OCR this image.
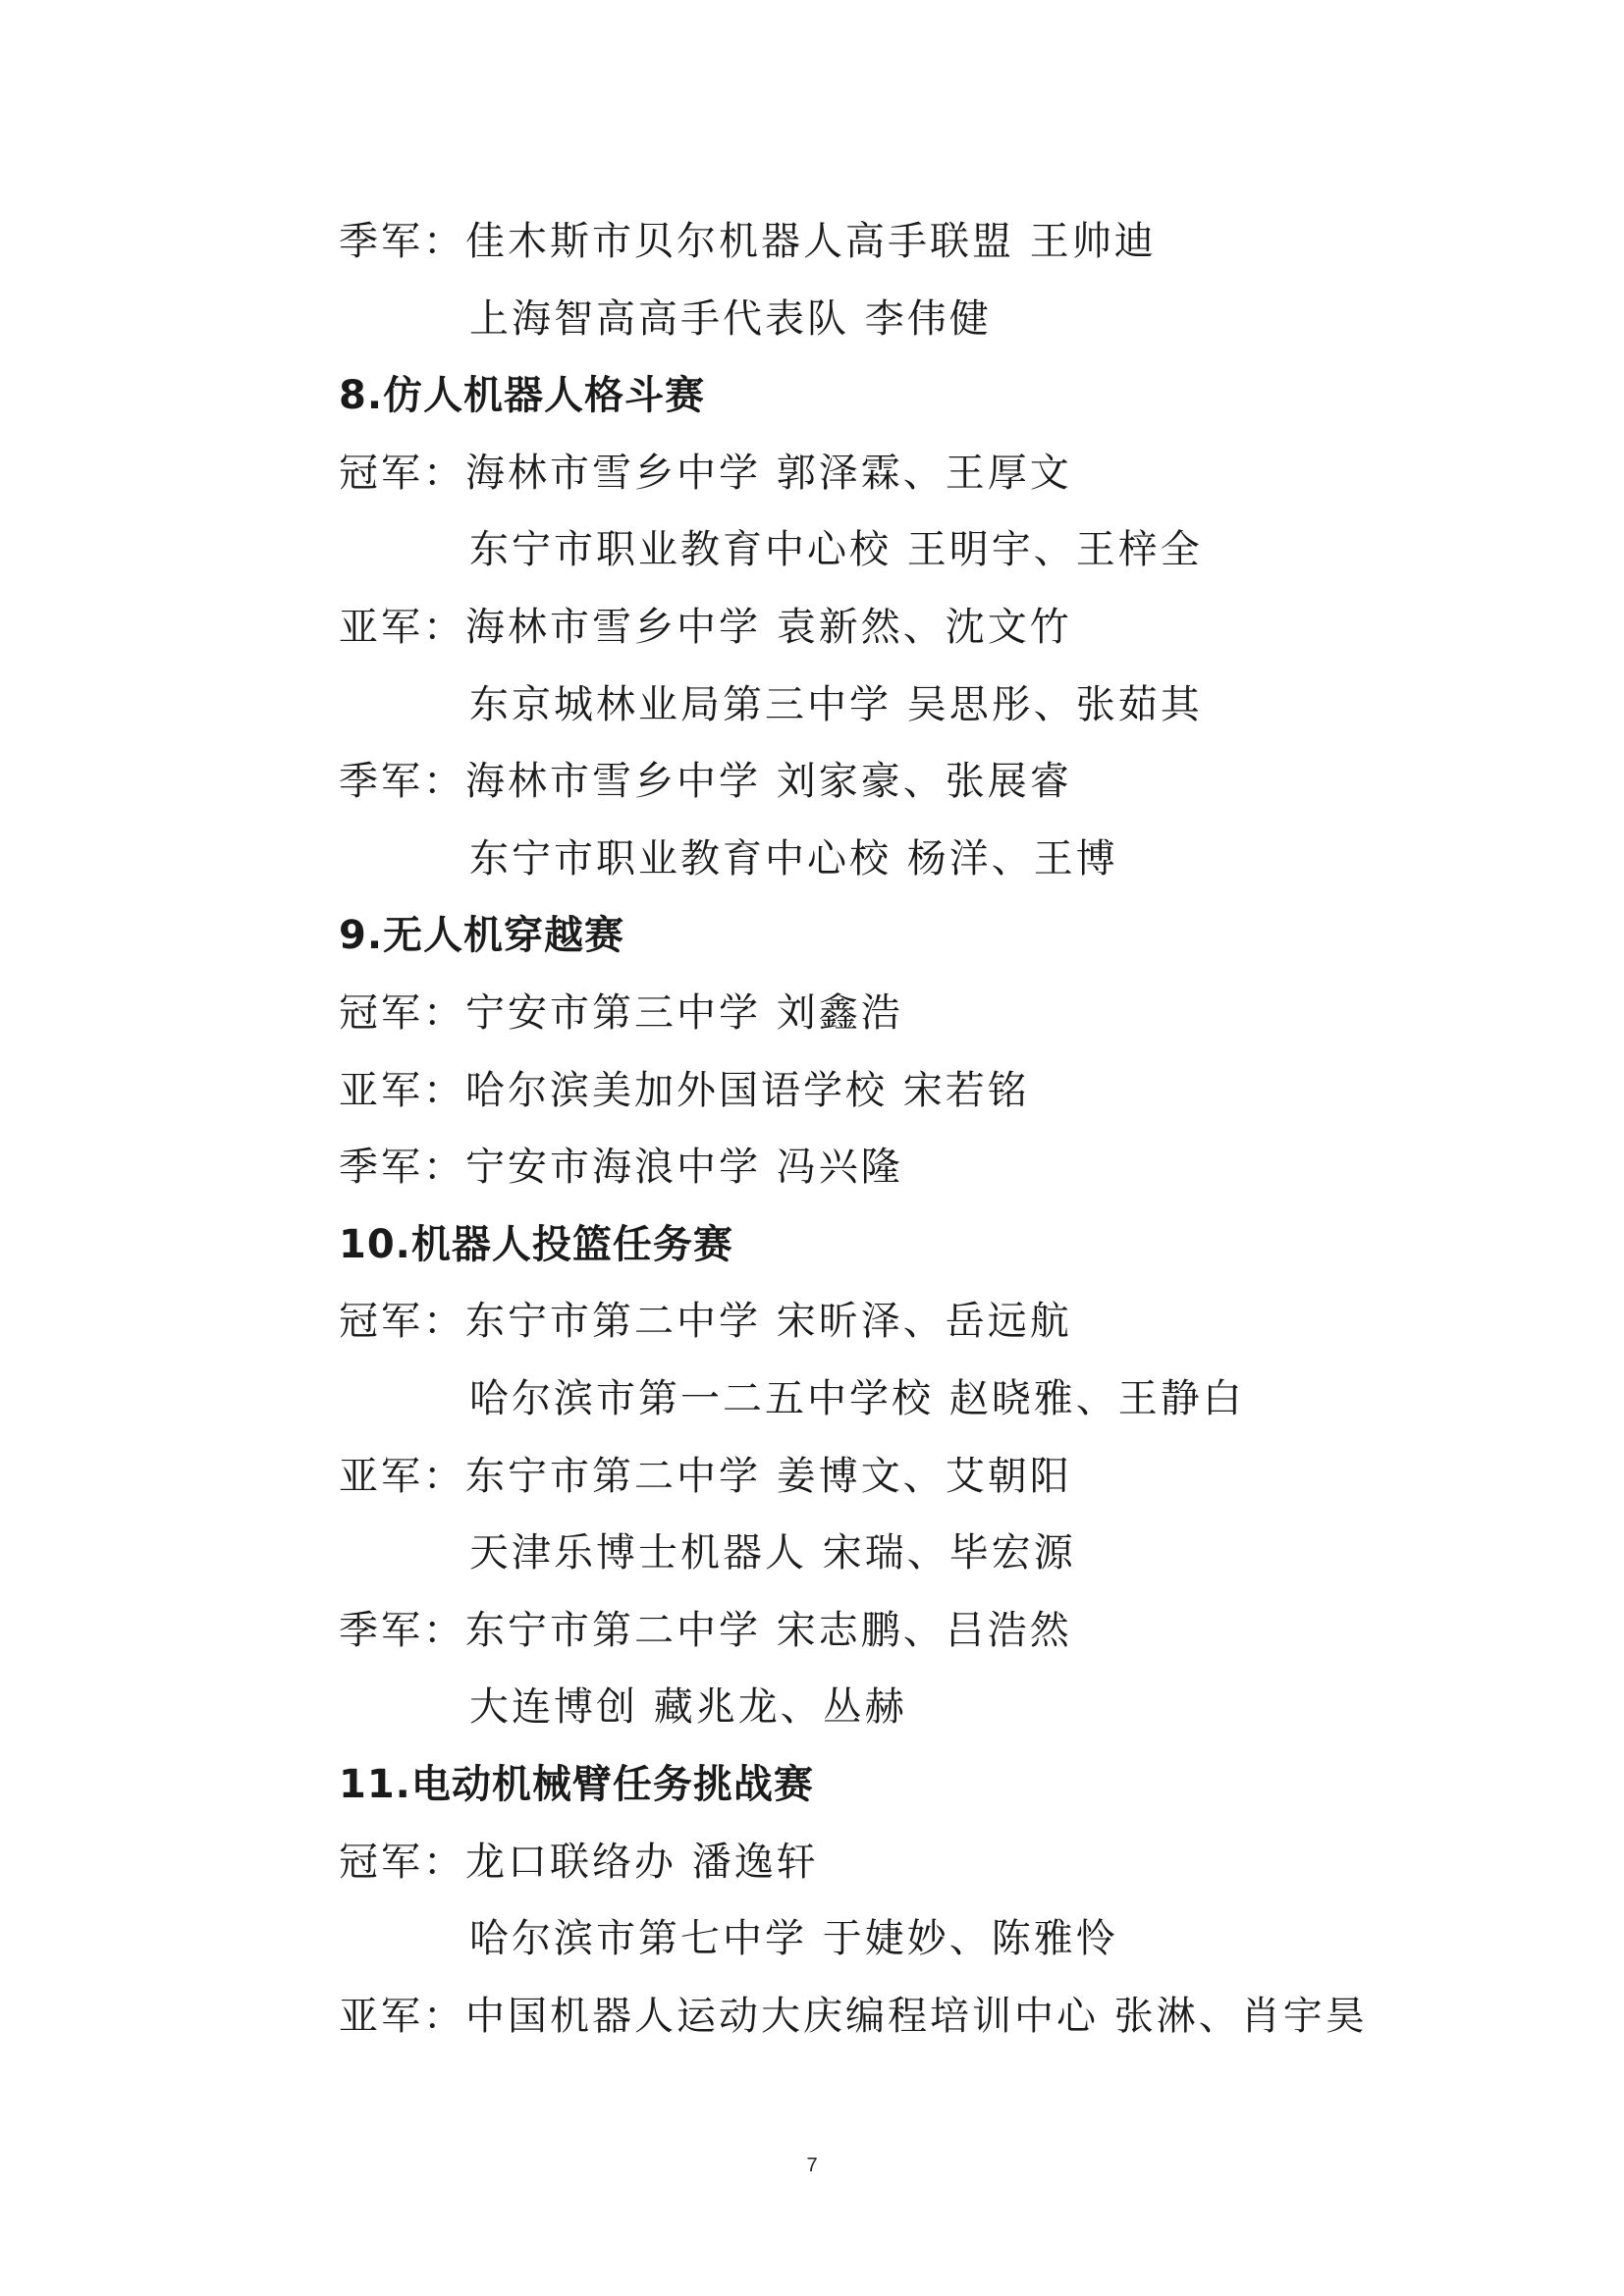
季军：佳木斯市贝尔机器人高手联盟 王帅迪
上海智高高手代表队 李伟健
8.仿人机器人格斗赛
冠军：海林市雪乡中学 郭泽霖、王厚文
东宁市职业教育中心校 王明宇、王梓全
亚军：海林市雪乡中学 袁新然、沈文竹
东京城林业局第三中学 吴思彤、张茹其
季军：海林市雪乡中学 刘家豪、张展睿
东宁市职业教育中心校 杨洋、王博
9.无人机穿越赛
冠军：宁安市第三中学 刘鑫浩
亚军：哈尔滨美加外国语学校 宋若铭
季军：宁安市海浪中学 冯兴隆
10.机器人投篮任务赛
冠军：东宁市第二中学 宋昕泽、岳远航
哈尔滨市第一二五中学校 赵晓雅、王静白
亚军：东宁市第二中学 姜博文、艾朝阳
天津乐博士机器人 宋瑞、毕宏源
季军：东宁市第二中学 宋志鹏、吕浩然
大连博创 藏兆龙、丛赫
11.电动机械臂任务挑战赛
冠军：龙口联络办 潘逸轩
哈尔滨市第七中学 于婕妙、陈雅怜
亚军：中国机器人运动大庆编程培训中心 张淋、肖宇昊
7
